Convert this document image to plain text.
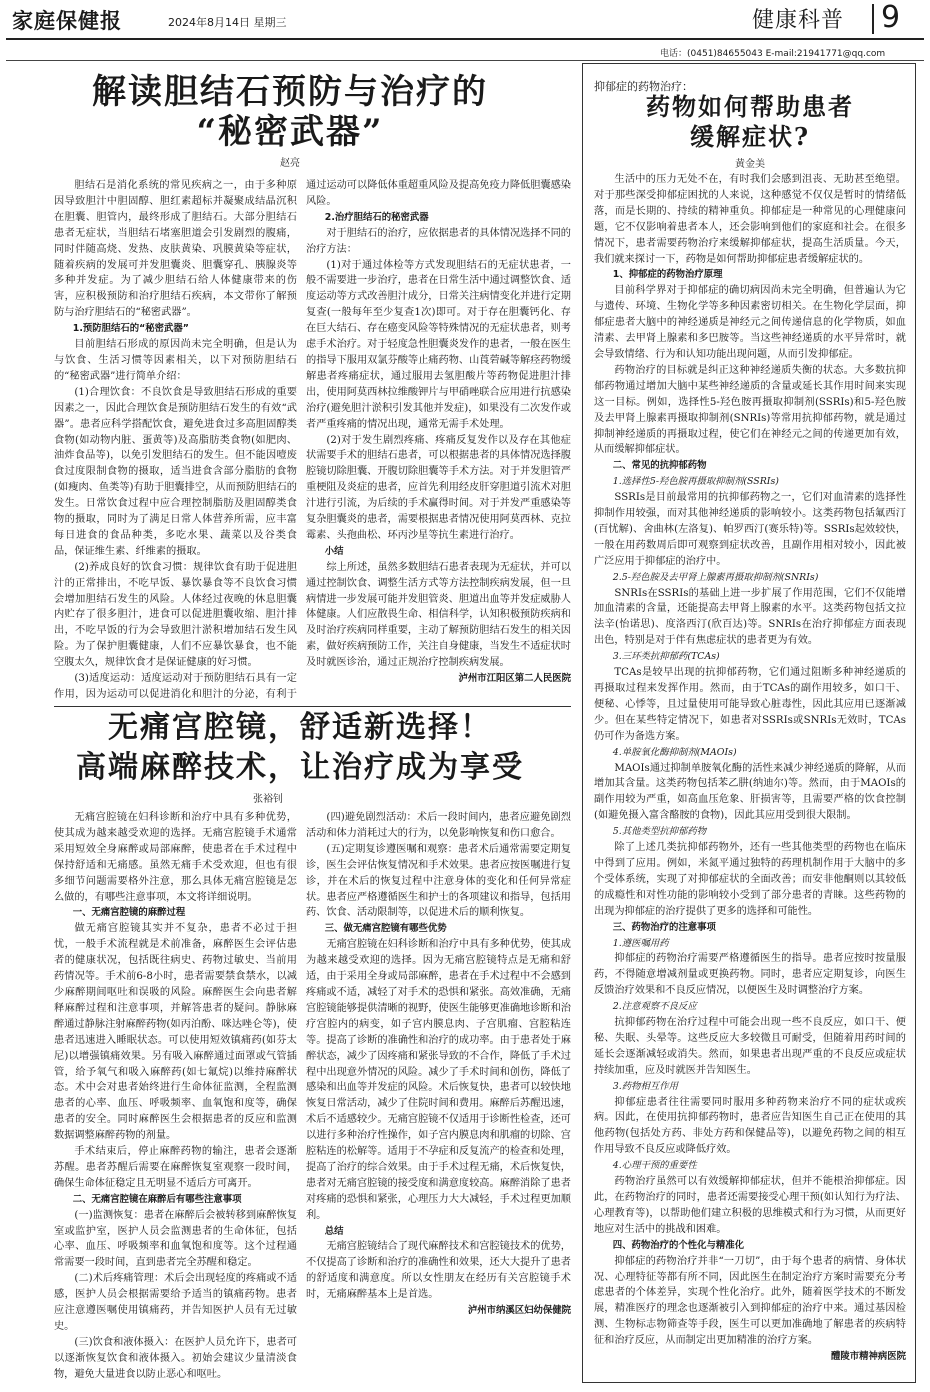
家庭保健报	2024年8月14日 星期三	健康科普 9
电话：(0451)84655043 E-mail:21941771@qq.com
解读胆结石预防与治疗的
“秘密武器”
赵亮

胆结石是消化系统的常见疾病之一，由于多种原因导致胆汁中胆固醇、胆红素超标并凝聚成结晶沉积在胆囊、胆管内，最终形成了胆结石。大部分胆结石患者无症状，当胆结石堵塞胆道会引发剧烈的腹痛，同时伴随高烧、发热、皮肤黄染、巩膜黄染等症状，随着疾病的发展可并发胆囊炎、胆囊穿孔、胰腺炎等多种并发症。为了减少胆结石给人体健康带来的伤害，应积极预防和治疗胆结石疾病，本文带你了解预防与治疗胆结石的“秘密武器”。

1.预防胆结石的“秘密武器”

目前胆结石形成的原因尚未完全明确，但是认为与饮食、生活习惯等因素相关，以下对预防胆结石的“秘密武器”进行简单介绍：

(1)合理饮食：不良饮食是导致胆结石形成的重要因素之一，因此合理饮食是预防胆结石发生的有效“武器”。患者应科学搭配饮食，避免进食过多高胆固醇类食物(如动物内脏、蛋黄等)及高脂肪类食物(如肥肉、油炸食品等)，以免引发胆结石的发生。但不能因噎废食过度限制食物的摄取，适当进食含部分脂肪的食物(如瘦肉、鱼类等)有助于胆囊排空，从而预防胆结石的发生。日常饮食过程中应合理控制脂肪及胆固醇类食物的摄取，同时为了满足日常人体营养所需，应丰富每日进食的食品种类，多吃水果、蔬菜以及谷类食品，保证维生素、纤维素的摄取。

(2)养成良好的饮食习惯：规律饮食有助于促进胆汁的正常排出，不吃早饭、暴饮暴食等不良饮食习惯会增加胆结石发生的风险。人体经过夜晚的休息胆囊内贮存了很多胆汁，进食可以促进胆囊收缩、胆汁排出，不吃早饭的行为会导致胆汁淤积增加结石发生风险。为了保护胆囊健康，人们不应暴饮暴食，也不能空腹太久，规律饮食才是保证健康的好习惯。

(3)适度运动：适度运动对于预防胆结石具有一定作用，因为运动可以促进消化和胆汁的分泌，有利于

通过运动可以降低体重超重风险及提高免疫力降低胆囊感染风险。

2.治疗胆结石的秘密武器

对于胆结石的治疗，应依据患者的具体情况选择不同的治疗方法：

(1)对于通过体检等方式发现胆结石的无症状患者，一般不需要进一步治疗，患者在日常生活中通过调整饮食、适度运动等方式改善胆汁成分，日常关注病情变化并进行定期复查(一般每年至少复查1次)即可。对于存在胆囊钙化、存在巨大结石、存在癌变风险等特殊情况的无症状患者，则考虑手术治疗。对于轻度急性胆囊炎发作的患者，一般在医生的指导下服用双氯芬酸等止痛药物、山莨菪碱等解痉药物缓解患者疼痛症状，通过服用去氢胆酸片等药物促进胆汁排出，使用阿莫西林拉维酸钾片与甲硝唑联合应用进行抗感染治疗(避免胆汁淤积引发其他并发症)，如果没有二次发作或者严重疼痛的情况出现，通常无需手术处理。

(2)对于发生剧烈疼痛、疼痛反复发作以及存在其他症状需要手术的胆结石患者，可以根据患者的具体情况选择腹腔镜切除胆囊、开腹切除胆囊等手术方法。对于并发胆管严重梗阻及炎症的患者，应首先利用经皮肝穿胆道引流术对胆汁进行引流，为后续的手术赢得时间。对于并发严重感染等复杂胆囊炎的患者，需要根据患者情况使用阿莫西林、克拉霉素、头孢曲松、环丙沙星等抗生素进行治疗。

小结

综上所述，虽然多数胆结石患者表现为无症状，并可以通过控制饮食、调整生活方式等方法控制疾病发展，但一旦病情进一步发展可能并发胆管炎、胆道出血等并发症威胁人体健康。人们应散畏生命、相信科学，认知积极预防疾病和及时治疗疾病同样重要，主动了解预防胆结石发生的相关因素，做好疾病预防工作，关注自身健康，当发生不适症状时及时就医诊治，通过正规治疗控制疾病发展。

泸州市江阳区第二人民医院

无痛宫腔镜，舒适新选择！
高端麻醉技术，让治疗成为享受
张裕钊

无痛宫腔镜在妇科诊断和治疗中具有多种优势，使其成为越来越受欢迎的选择。无痛宫腔镜手术通常采用短效全身麻醉或局部麻醉，使患者在手术过程中保持舒适和无痛感。虽然无痛手术受欢迎，但也有很多细节问题需要格外注意，那么具体无痛宫腔镜是怎么做的，有哪些注意事项，本文将详细说明。

一、无痛宫腔镜的麻醉过程

做无痛宫腔镜其实并不复杂，患者不必过于担忧，一般手术流程就是术前准备，麻醉医生会评估患者的健康状况，包括既往病史、药物过敏史、当前用药情况等。手术前6-8小时，患者需要禁食禁水，以减少麻醉期间呕吐和误吸的风险。麻醉医生会向患者解释麻醉过程和注意事项，并解答患者的疑问。静脉麻醉通过静脉注射麻醉药物(如丙泊酚、咪达唑仑等)，使患者迅速进入睡眠状态。可以使用短效镇痛药(如芬太尼)以增强镇痛效果。另有吸入麻醉通过面罩或气管插管，给予氧气和吸入麻醉药(如七氟烷)以维持麻醉状态。术中会对患者始终进行生命体征监测，全程监测患者的心率、血压、呼吸频率、血氧饱和度等，确保患者的安全。同时麻醉医生会根据患者的反应和监测数据调整麻醉药物的剂量。

手术结束后，停止麻醉药物的输注，患者会逐渐苏醒。患者苏醒后需要在麻醉恢复室观察一段时间，确保生命体征稳定且无明显不适后方可离开。

二、无痛宫腔镜在麻醉后有哪些注意事项

(一)监测恢复：患者在麻醉后会被转移到麻醉恢复室或监护室，医护人员会监测患者的生命体征，包括心率、血压、呼吸频率和血氧饱和度等。这个过程通常需要一段时间，直到患者完全苏醒和稳定。

(二)术后疼痛管理：术后会出现轻度的疼痛或不适感，医护人员会根据需要给予适当的镇痛药物。患者应注意遵医嘱使用镇痛药，并告知医护人员有无过敏史。

(三)饮食和液体摄入：在医护人员允许下，患者可以逐渐恢复饮食和液体摄入。初始会建议少量清淡食物，避免大量进食以防止恶心和呕吐。

(四)避免剧烈活动：术后一段时间内，患者应避免剧烈活动和体力消耗过大的行为，以免影响恢复和伤口愈合。

(五)定期复诊遵医嘱和观察：患者术后通常需要定期复诊，医生会评估恢复情况和手术效果。患者应按医嘱进行复诊，并在术后的恢复过程中注意身体的变化和任何异常症状。患者应严格遵循医生和护士的各项建议和指导，包括用药、饮食、活动限制等，以促进术后的顺利恢复。

三、做无痛宫腔镜有哪些优势

无痛宫腔镜在妇科诊断和治疗中具有多种优势，使其成为越来越受欢迎的选择。因为无痛宫腔镜特点是无痛和舒适，由于采用全身或局部麻醉，患者在手术过程中不会感到疼痛或不适，减轻了对手术的恐惧和紧张。高效准确，无痛宫腔镜能够提供清晰的视野，使医生能够更准确地诊断和治疗宫腔内的病变，如子宫内膜息肉、子宫肌瘤、宫腔粘连等。提高了诊断的准确性和治疗的成功率。由于患者处于麻醉状态，减少了因疼痛和紧张导致的不合作，降低了手术过程中出现意外情况的风险。减少了手术时间和创伤，降低了感染和出血等并发症的风险。术后恢复快，患者可以较快地恢复日常活动，减少了住院时间和费用。麻醉后苏醒迅速，术后不适感较少。无痛宫腔镜不仅适用于诊断性检查，还可以进行多种治疗性操作，如子宫内膜息肉和肌瘤的切除、宫腔粘连的松解等。适用于不孕症和反复流产的检查和处理，提高了治疗的综合效果。由于手术过程无痛，术后恢复快，患者对无痛宫腔镜的接受度和满意度较高。麻醉消除了患者对疼痛的恐惧和紧张，心理压力大大减轻，手术过程更加顺利。

总结

无痛宫腔镜结合了现代麻醉技术和宫腔镜技术的优势，不仅提高了诊断和治疗的准确性和效果，还大大提升了患者的舒适度和满意度。所以女性朋友在经历有关宫腔镜手术时，无痛麻醉基本上是首选。

泸州市纳溪区妇幼保健院

抑郁症的药物治疗：
药物如何帮助患者
缓解症状?
黄金美

生活中的压力无处不在，有时我们会感到沮丧、无助甚至绝望。对于那些深受抑郁症困扰的人来说，这种感觉不仅仅是暂时的情绪低落，而是长期的、持续的精神重负。抑郁症是一种常见的心理健康问题，它不仅影响着患者本人，还会影响到他们的家庭和社会。在很多情况下，患者需要药物治疗来缓解抑郁症状，提高生活质量。今天，我们就来探讨一下，药物是如何帮助抑郁症患者缓解症状的。

1、抑郁症的药物治疗原理

目前科学界对于抑郁症的确切病因尚未完全明确，但普遍认为它与遗传、环境、生物化学等多种因素密切相关。在生物化学层面，抑郁症患者大脑中的神经递质是神经元之间传递信息的化学物质，如血清素、去甲肾上腺素和多巴胺等。当这些神经递质的水平异常时，就会导致情绪、行为和认知功能出现问题，从而引发抑郁症。

药物治疗的目标就是纠正这种神经递质失衡的状态。大多数抗抑郁药物通过增加大脑中某些神经递质的含量或延长其作用时间来实现这一目标。例如，选择性5-羟色胺再摄取抑制剂(SSRIs)和5-羟色胺及去甲肾上腺素再摄取抑制剂(SNRIs)等常用抗抑郁药物，就是通过抑制神经递质的再摄取过程，使它们在神经元之间的传递更加有效，从而缓解抑郁症状。

二、常见的抗抑郁药物

1.选择性5-羟色胺再摄取抑制剂(SSRIs)

SSRIs是目前最常用的抗抑郁药物之一，它们对血清素的选择性抑制作用较强，而对其他神经递质的影响较小。这类药物包括氟西汀(百忧解)、舍曲林(左洛复)、帕罗西汀(赛乐特)等。SSRIs起效较快，一般在用药数周后即可观察到症状改善，且副作用相对较小，因此被广泛应用于抑郁症的治疗中。

2.5-羟色胺及去甲肾上腺素再摄取抑制剂(SNRIs)

SNRIs在SSRIs的基础上进一步扩展了作用范围，它们不仅能增加血清素的含量，还能提高去甲肾上腺素的水平。这类药物包括文拉法辛(怡诺思)、度洛西汀(欣百达)等。SNRIs在治疗抑郁症方面表现出色，特别是对于伴有焦虑症状的患者更为有效。

3.三环类抗抑郁药(TCAs)

TCAs是较早出现的抗抑郁药物，它们通过阻断多种神经递质的再摄取过程来发挥作用。然而，由于TCAs的副作用较多，如口干、便秘、心悸等，且过量使用可能导致心脏毒性，因此其应用已逐渐减少。但在某些特定情况下，如患者对SSRIs或SNRIs无效时，TCAs仍可作为备选方案。

4.单胺氧化酶抑制剂(MAOIs)

MAOIs通过抑制单胺氧化酶的活性来减少神经递质的降解，从而增加其含量。这类药物包括苯乙肼(纳迪尔)等。然而，由于MAOIs的副作用较为严重，如高血压危象、肝损害等，且需要严格的饮食控制(如避免摄入富含酪胺的食物)，因此其应用受到很大限制。

5.其他类型抗抑郁药物

除了上述几类抗抑郁药物外，还有一些其他类型的药物也在临床中得到了应用。例如，米氮平通过独特的药理机制作用于大脑中的多个受体系统，实现了对抑郁症状的全面改善；而安非他酮则以其较低的成瘾性和对性功能的影响较小受到了部分患者的青睐。这些药物的出现为抑郁症的治疗提供了更多的选择和可能性。

三、药物治疗的注意事项

1.遵医嘱用药

抑郁症的药物治疗需要严格遵循医生的指导。患者应按时按量服药，不得随意增减剂量或更换药物。同时，患者应定期复诊，向医生反馈治疗效果和不良反应情况，以便医生及时调整治疗方案。

2.注意观察不良反应

抗抑郁药物在治疗过程中可能会出现一些不良反应，如口干、便秘、失眠、头晕等。这些反应大多较微且可耐受，但随着用药时间的延长会逐渐减轻或消失。然而，如果患者出现严重的不良反应或症状持续加重，应及时就医并告知医生。

3.药物相互作用

抑郁症患者往往需要同时服用多种药物来治疗不同的症状或疾病。因此，在使用抗抑郁药物时，患者应告知医生自己正在使用的其他药物(包括处方药、非处方药和保健品等)，以避免药物之间的相互作用导致不良反应或降低疗效。

4.心理干预的重要性

药物治疗虽然可以有效缓解抑郁症状，但并不能根治抑郁症。因此，在药物治疗的同时，患者还需要接受心理干预(如认知行为疗法、心理教育等)，以帮助他们建立积极的思维模式和行为习惯，从而更好地应对生活中的挑战和困难。

四、药物治疗的个性化与精准化

抑郁症的药物治疗并非“一刀切”，由于每个患者的病情、身体状况、心理特征等都有所不同，因此医生在制定治疗方案时需要充分考虑患者的个体差异，实现个性化治疗。此外，随着医学技术的不断发展，精准医疗的理念也逐渐被引入到抑郁症的治疗中来。通过基因检测、生物标志物筛查等手段，医生可以更加准确地了解患者的疾病特征和治疗反应，从而制定出更加精准的治疗方案。

醴陵市精神病医院
